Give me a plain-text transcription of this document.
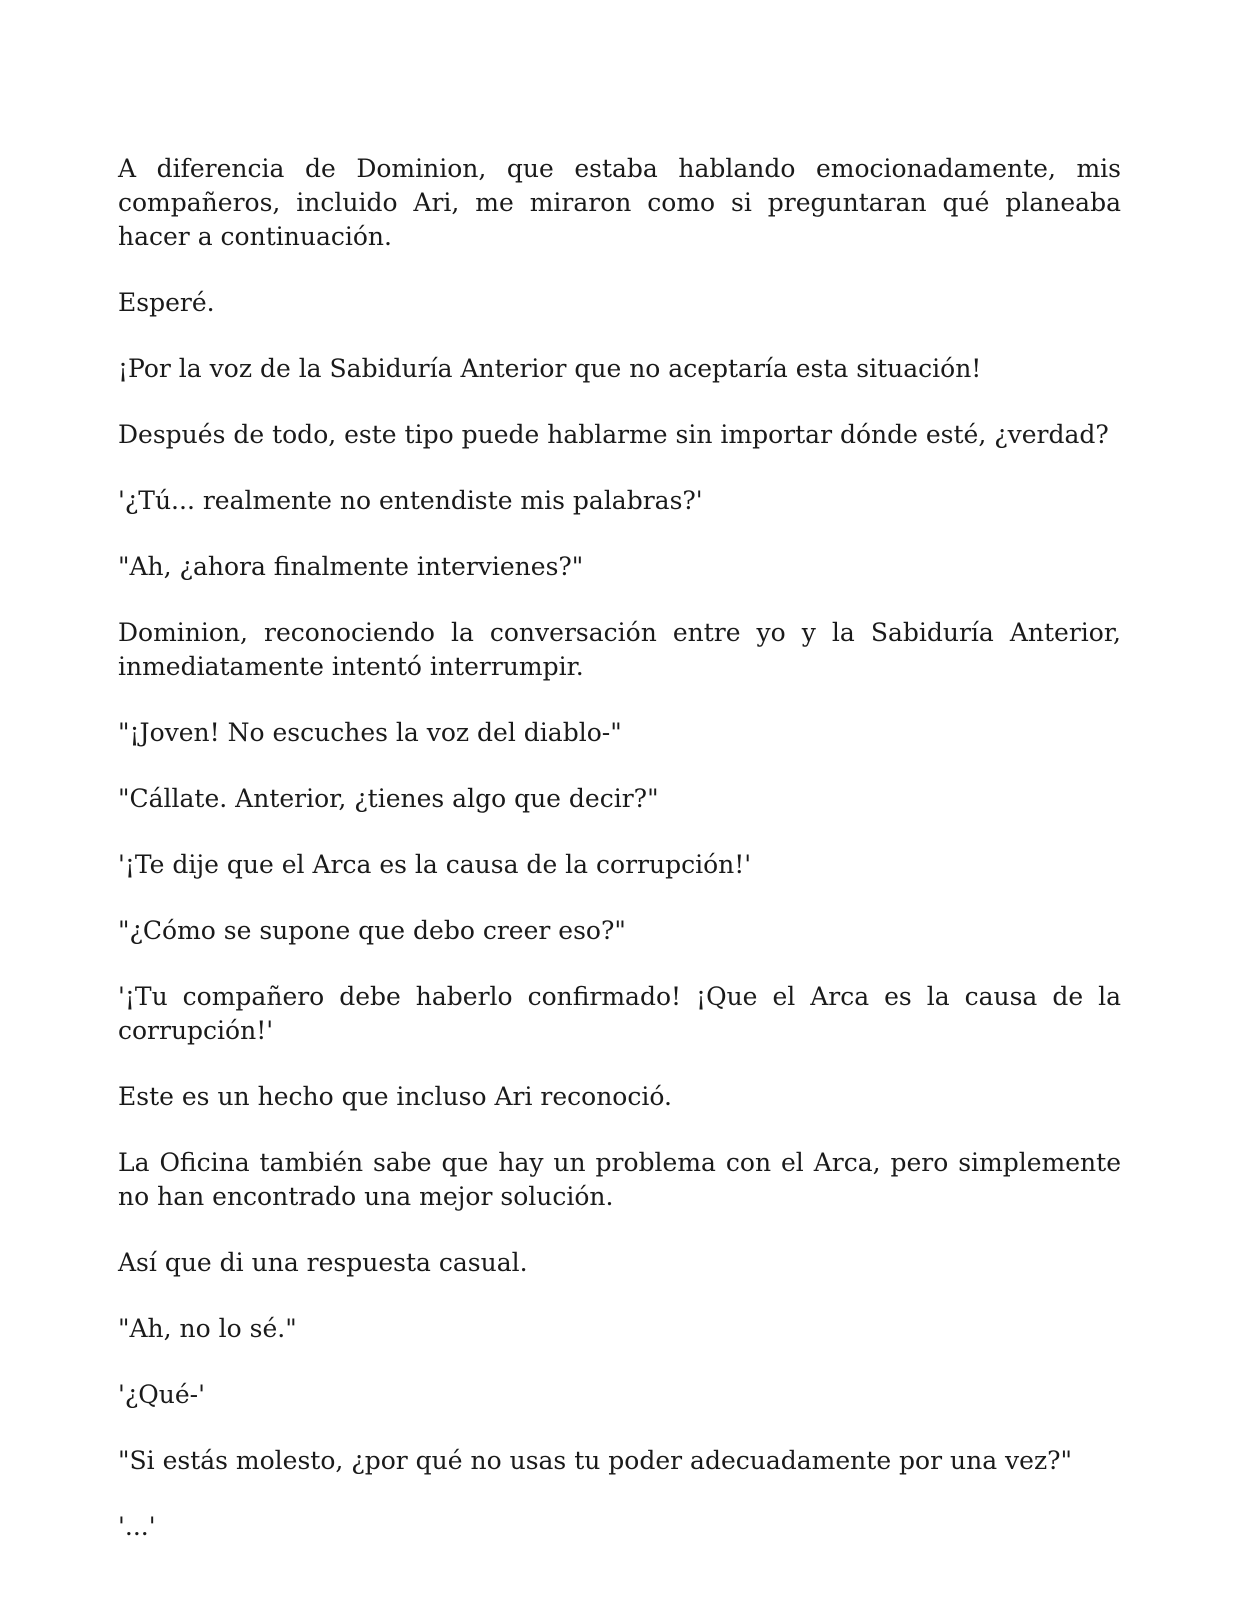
A diferencia de Dominion, que estaba hablando emocionadamente, mis compañeros, incluido Ari, me miraron como si preguntaran qué planeaba hacer a continuación.

Esperé.

¡Por la voz de la Sabiduría Anterior que no aceptaría esta situación!

Después de todo, este tipo puede hablarme sin importar dónde esté, ¿verdad?

'¿Tú... realmente no entendiste mis palabras?'

"Ah, ¿ahora finalmente intervienes?"

Dominion, reconociendo la conversación entre yo y la Sabiduría Anterior, inmediatamente intentó interrumpir.

"¡Joven! No escuches la voz del diablo-"

"Cállate. Anterior, ¿tienes algo que decir?"

'¡Te dije que el Arca es la causa de la corrupción!'

"¿Cómo se supone que debo creer eso?"

'¡Tu compañero debe haberlo confirmado! ¡Que el Arca es la causa de la corrupción!'

Este es un hecho que incluso Ari reconoció.

La Oficina también sabe que hay un problema con el Arca, pero simplemente no han encontrado una mejor solución.

Así que di una respuesta casual.

"Ah, no lo sé."

'¿Qué-'

"Si estás molesto, ¿por qué no usas tu poder adecuadamente por una vez?"

'...'
